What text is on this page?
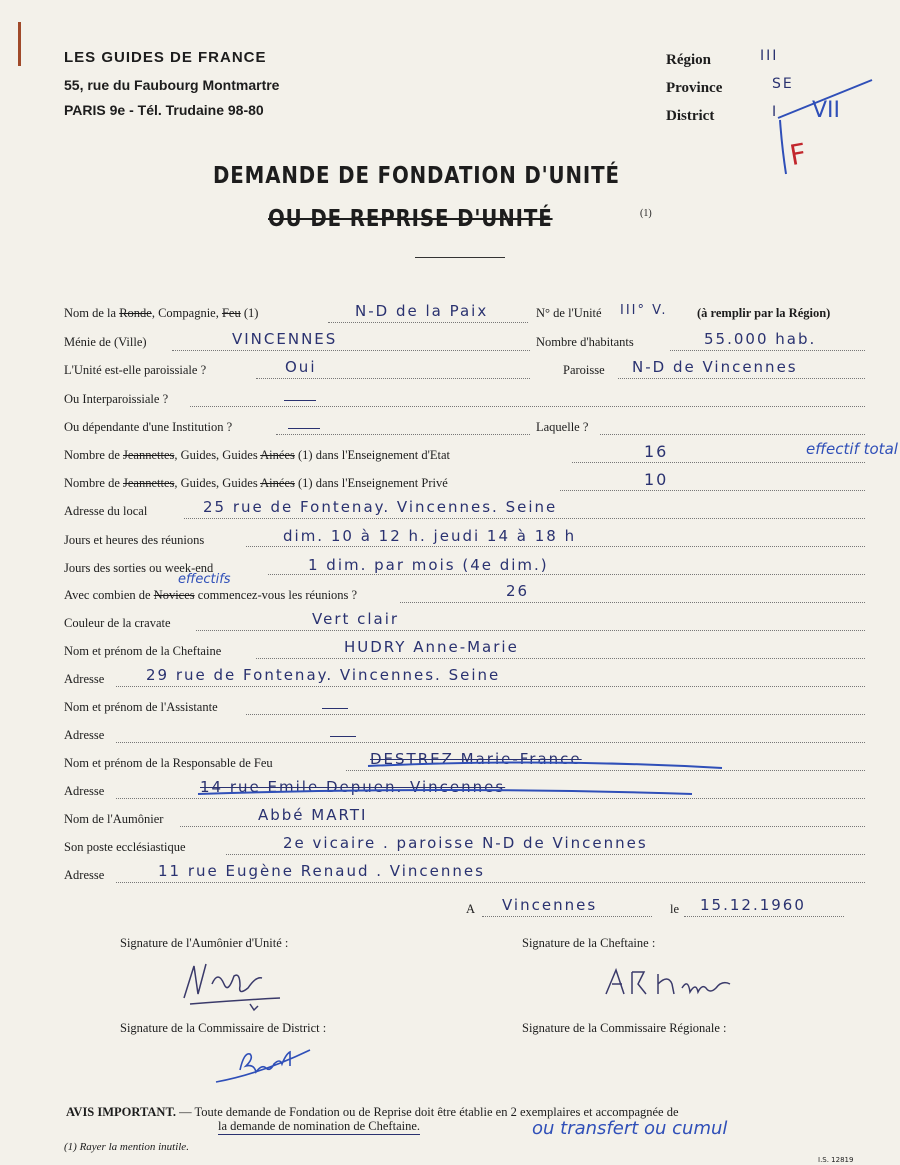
LES GUIDES DE FRANCE
55, rue du Faubourg Montmartre
PARIS 9e - Tél. Trudaine 98-80
Région	III
Province	SE
District	I VII
F
DEMANDE DE FONDATION D'UNITÉ
OU DE REPRISE D'UNITÉ	(1)
Nom de la Ronde, Compagnie, Feu (1)	N-D de la Paix	N° de l'Unité III° V. (à remplir par la Région)
Ménie de (Ville)	VINCENNES	Nombre d'habitants	55.000 hab.
L'Unité est-elle paroissiale ?	Oui	Paroisse N-D de Vincennes
Ou Interparoissiale ?
Ou dépendante d'une Institution ?	Laquelle ?
Nombre de Jeannettes, Guides, Guides Ainées (1) dans l'Enseignement d'Etat	16	effectif total
Nombre de Jeannettes, Guides, Guides Ainées (1) dans l'Enseignement Privé	10
Adresse du local	25 rue de Fontenay. Vincennes. Seine
Jours et heures des réunions	dim. 10 à 12 h. jeudi 14 à 18 h
Jours des sorties ou week-end	1 dim. par mois (4e dim.)
effectifs
Avec combien de Novices commencez-vous les réunions ?	26
Couleur de la cravate	Vert clair
Nom et prénom de la Cheftaine	HUDRY Anne-Marie
Adresse	29 rue de Fontenay. Vincennes. Seine
Nom et prénom de l'Assistante
Adresse
Nom et prénom de la Responsable de Feu	DESTREZ Marie-France
Adresse	14 rue Emile Depuen. Vincennes
Nom de l'Aumônier	Abbé MARTI
Son poste ecclésiastique	2e vicaire . paroisse N-D de Vincennes
Adresse	11 rue Eugène Renaud . Vincennes
A Vincennes	le 15.12.1960
Signature de l'Aumônier d'Unité :	Signature de la Cheftaine :
Signature de la Commissaire de District :	Signature de la Commissaire Régionale :
AVIS IMPORTANT. — Toute demande de Fondation ou de Reprise doit être établie en 2 exemplaires et accompagnée de
la demande de nomination de Cheftaine.	ou transfert ou cumul
(1) Rayer la mention inutile.
I.S. 12819
